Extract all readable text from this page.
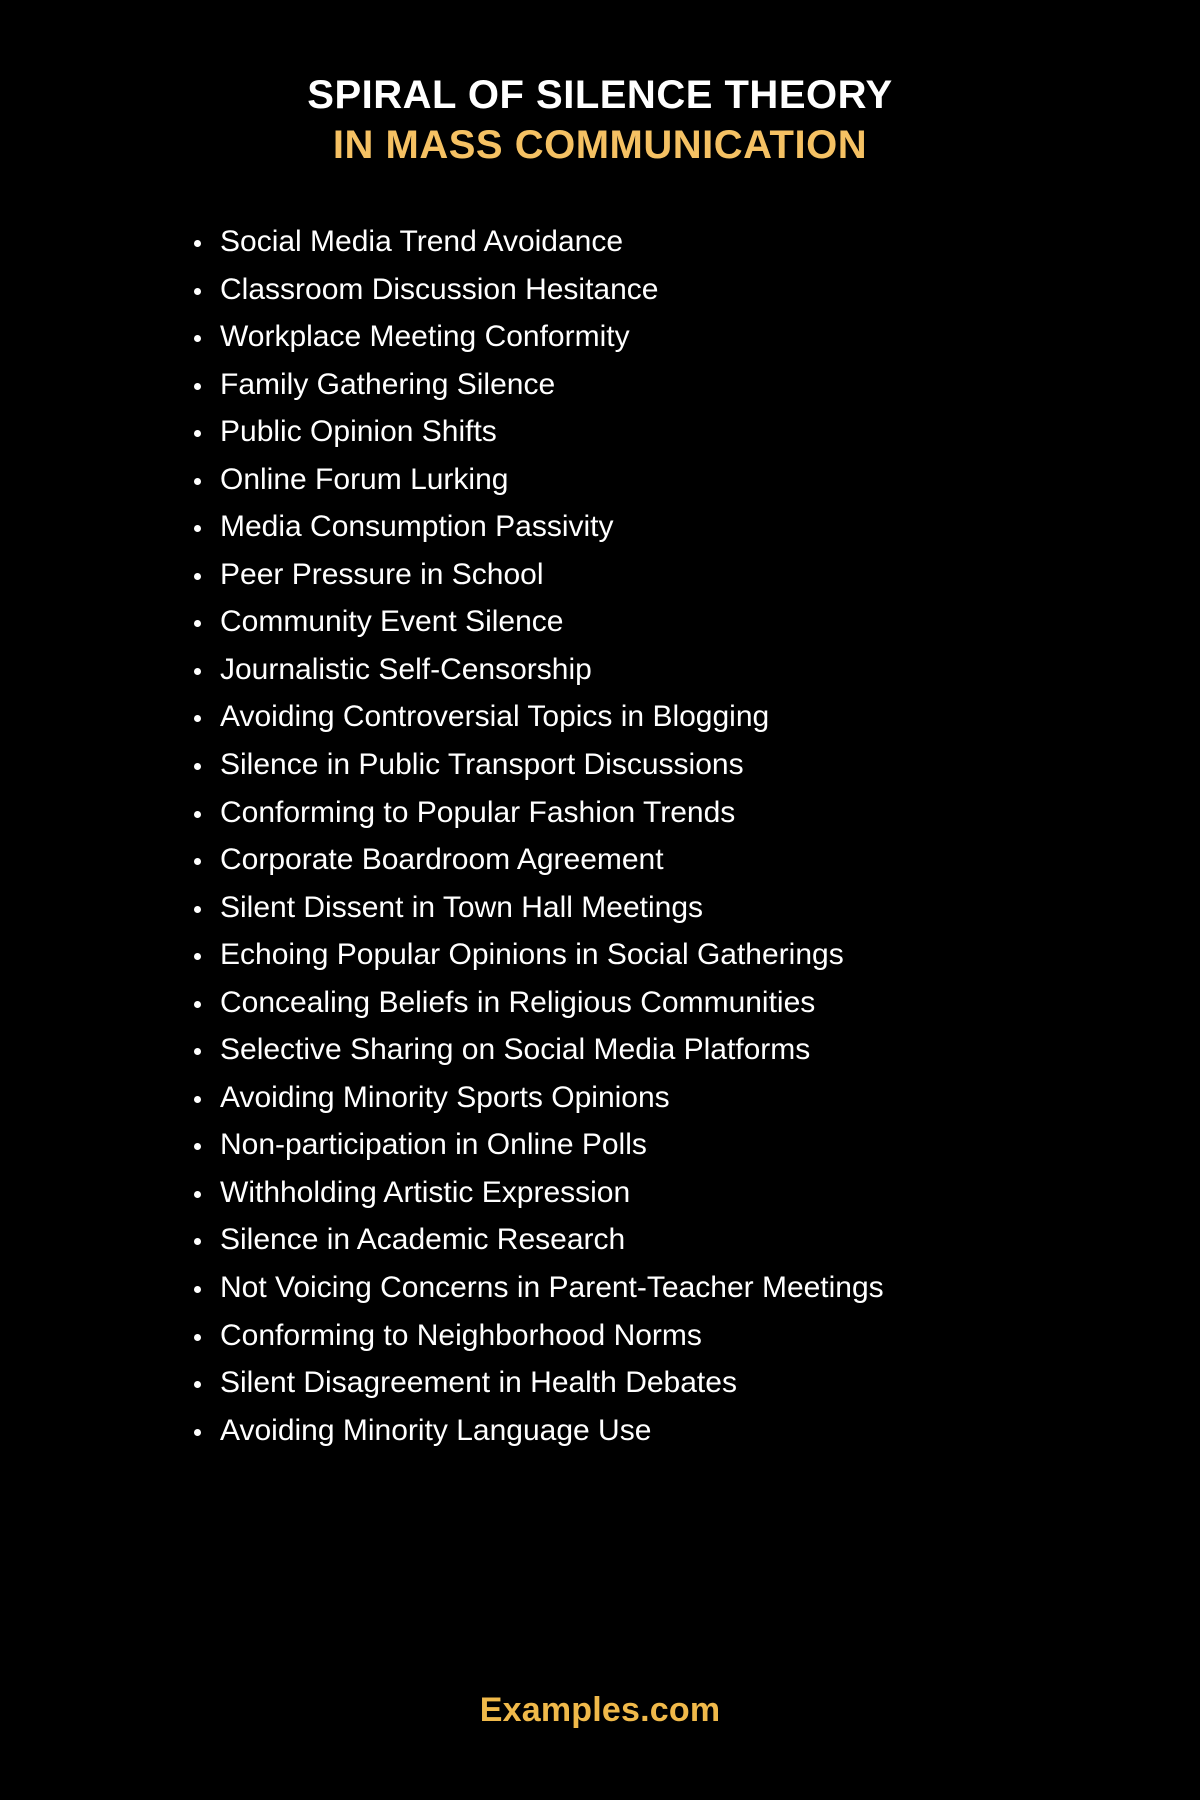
SPIRAL OF SILENCE THEORY
IN MASS COMMUNICATION
Social Media Trend Avoidance
Classroom Discussion Hesitance
Workplace Meeting Conformity
Family Gathering Silence
Public Opinion Shifts
Online Forum Lurking
Media Consumption Passivity
Peer Pressure in School
Community Event Silence
Journalistic Self-Censorship
Avoiding Controversial Topics in Blogging
Silence in Public Transport Discussions
Conforming to Popular Fashion Trends
Corporate Boardroom Agreement
Silent Dissent in Town Hall Meetings
Echoing Popular Opinions in Social Gatherings
Concealing Beliefs in Religious Communities
Selective Sharing on Social Media Platforms
Avoiding Minority Sports Opinions
Non-participation in Online Polls
Withholding Artistic Expression
Silence in Academic Research
Not Voicing Concerns in Parent-Teacher Meetings
Conforming to Neighborhood Norms
Silent Disagreement in Health Debates
Avoiding Minority Language Use
Examples.com
